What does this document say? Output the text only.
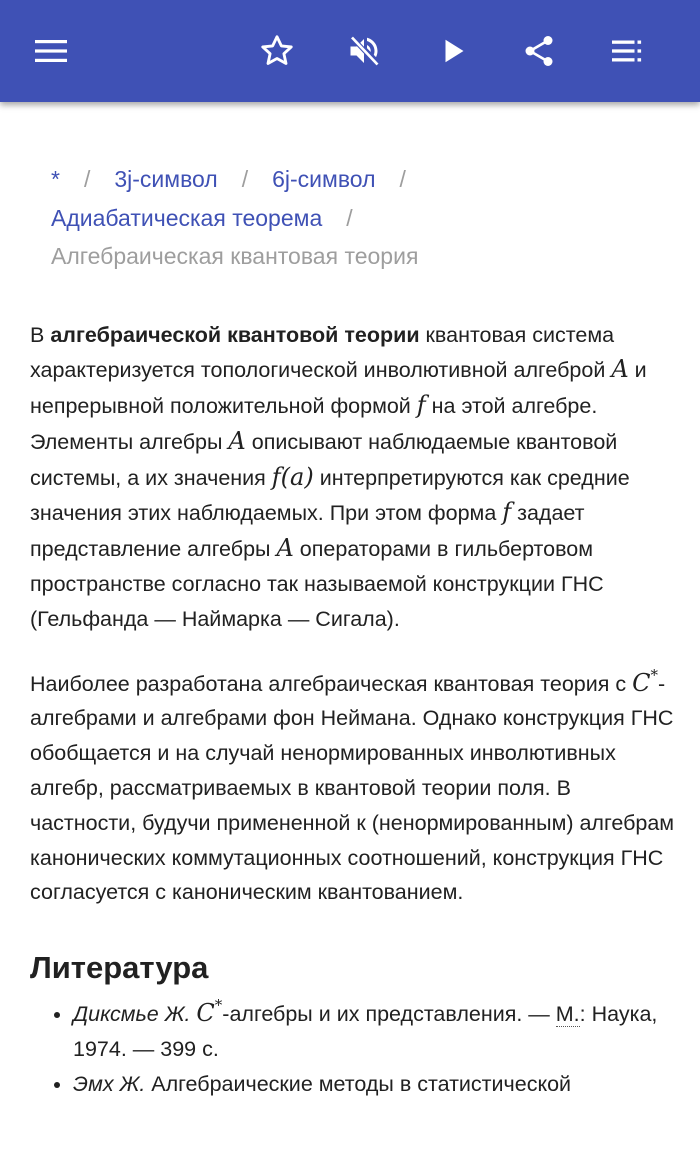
* / 3j-символ / 6j-символ /
Адиабатическая теорема /
Алгебраическая квантовая теория

В алгебраической квантовой теории квантовая система характеризуется топологической инволютивной алгеброй A и непрерывной положительной формой f на этой алгебре. Элементы алгебры A описывают наблюдаемые квантовой системы, а их значения f(a) интерпретируются как средние значения этих наблюдаемых. При этом форма f задает представление алгебры A операторами в гильбертовом пространстве согласно так называемой конструкции ГНС (Гельфанда — Наймарка — Сигала).

Наиболее разработана алгебраическая квантовая теория с C*-алгебрами и алгебрами фон Неймана. Однако конструкция ГНС обобщается и на случай ненормированных инволютивных алгебр, рассматриваемых в квантовой теории поля. В частности, будучи примененной к (ненормированным) алгебрам канонических коммутационных соотношений, конструкция ГНС согласуется с каноническим квантованием.

Литература
• Диксмье Ж. C*-алгебры и их представления. — М.: Наука, 1974. — 399 с.
• Эмх Ж. Алгебраические методы в статистической
